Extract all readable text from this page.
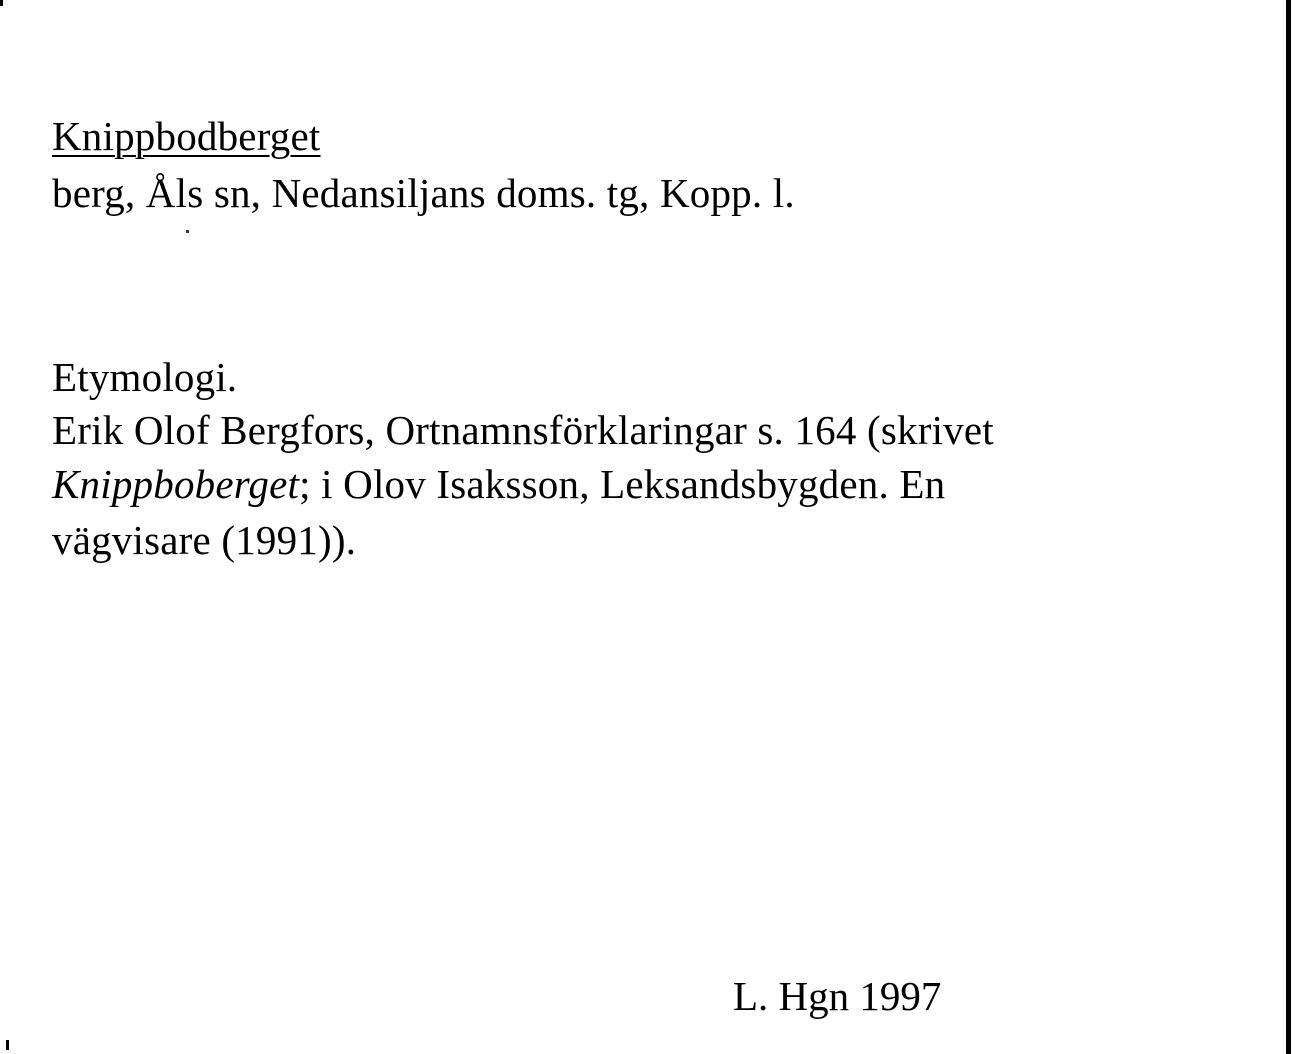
Knippbodberget
berg, Åls sn, Nedansiljans doms. tg, Kopp. l.
Etymologi.
Erik Olof Bergfors, Ortnamnsförklaringar s. 164 (skrivet
Knippboberget; i Olov Isaksson, Leksandsbygden. En
vägvisare (1991)).
L. Hgn 1997
